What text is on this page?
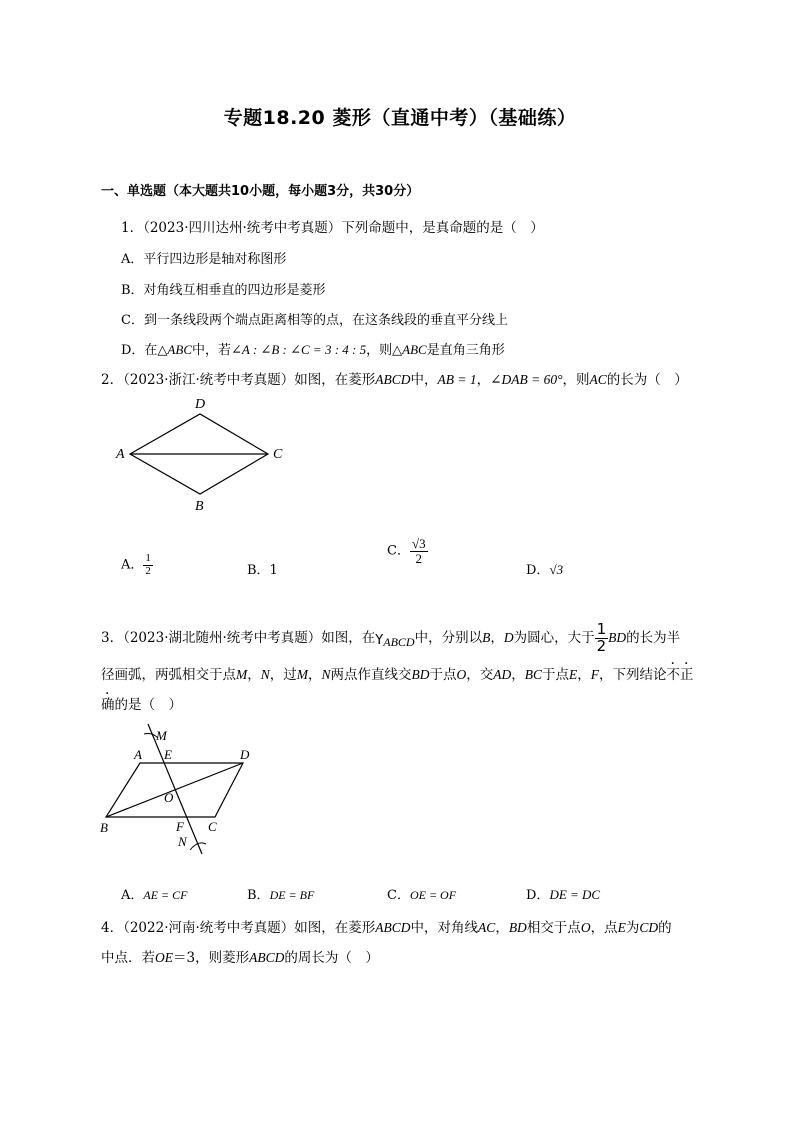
专题18.20 菱形（直通中考）（基础练）
一、单选题（本大题共10小题，每小题3分，共30分）
1．（2023·四川达州·统考中考真题）下列命题中，是真命题的是（　）
A．平行四边形是轴对称图形
B．对角线互相垂直的四边形是菱形
C．到一条线段两个端点距离相等的点，在这条线段的垂直平分线上
D．在△ABC中，若∠A : ∠B : ∠C = 3 : 4 : 5，则△ABC是直角三角形
2．（2023·浙江·统考中考真题）如图，在菱形ABCD中，AB = 1，∠DAB = 60°，则AC的长为（　）
A
D
C
B
A． $\frac{1}{2}$	B．1
C． $\frac{√3}{2}$
D．√3
3．（2023·湖北随州·统考中考真题）如图，在YABCD中，分别以B，D为圆心，大于 $\frac{1}{2}$ BD的长为半
径画弧，两弧相交于点M，N，过M，N两点作直线交BD于点O，交AD，BC于点E，F，下列结论不正
确的是（　）
A E	D
M
O
B	F C
N
A．AE = CF	B．DE = BF	C．OE = OF	D．DE = DC
4．（2022·河南·统考中考真题）如图，在菱形ABCD中，对角线AC，BD相交于点O，点E为CD的
中点．若OE＝3，则菱形ABCD的周长为（　）
